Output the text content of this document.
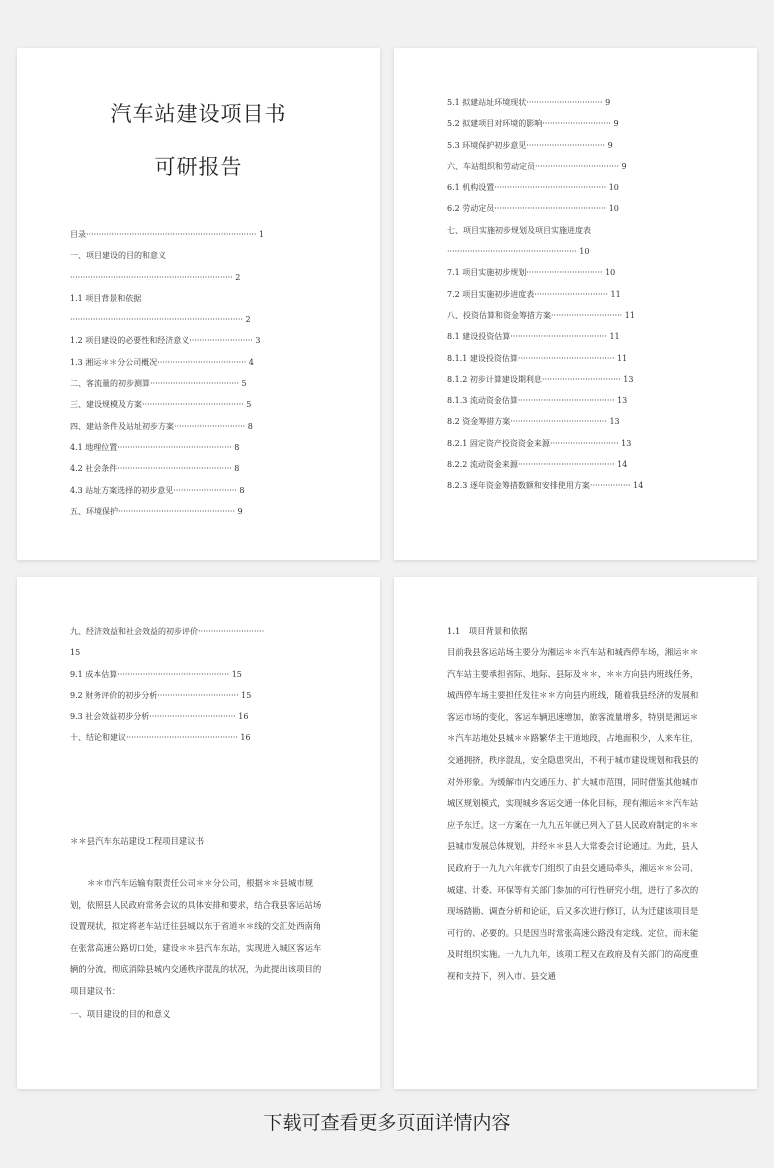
汽车站建设项目书
可研报告
目录··································································· 1
一、项目建设的目的和意义
································································ 2
1.1 项目背景和依据
···································································· 2
1.2 项目建设的必要性和经济意义························· 3
1.3 湘运＊＊分公司概况··································· 4
二、客流量的初步测算··································· 5
三、建设规模及方案········································ 5
四、建站条件及站址初步方案···························· 8
4.1 地理位置············································· 8
4.2 社会条件············································· 8
4.3 站址方案选择的初步意见························· 8
五、环境保护·············································· 9
5.1 拟建站址环境现状······························ 9
5.2 拟建项目对环境的影响··························· 9
5.3 环境保护初步意见······························· 9
六、车站组织和劳动定员································· 9
6.1 机构设置············································ 10
6.2 劳动定员············································ 10
七、项目实施初步规划及项目实施进度表
··················································· 10
7.1 项目实施初步规划······························ 10
7.2 项目实施初步进度表····························· 11
八、投资估算和资金筹措方案···························· 11
8.1 建设投资估算······································ 11
8.1.1 建设投资估算······································ 11
8.1.2 初步计算建设期利息······························· 13
8.1.3 流动资金估算······································ 13
8.2 资金筹措方案······································ 13
8.2.1 固定资产投资资金来源··························· 13
8.2.2 流动资金来源······································ 14
8.2.3 逐年资金筹措数额和安排使用方案················ 14
九、经济效益和社会效益的初步评价··························
15
9.1 成本估算············································ 15
9.2 财务评价的初步分析································ 15
9.3 社会效益初步分析·································· 16
十、结论和建议············································ 16
＊＊县汽车东站建设工程项目建议书
＊＊市汽车运输有限责任公司＊＊分公司，根据＊＊县城市规划，依照县人民政府常务会议的具体安排和要求，结合我县客运站场设置现状，拟定将老车站迁往县城以东于省道＊＊线的交汇处西南角在张常高速公路切口处，建设＊＊县汽车东站，实现进入城区客运车辆的分流，彻底消除县城内交通秩序混乱的状况，为此提出该项目的项目建议书：
一、项目建设的目的和意义
1.1　项目背景和依据
目前我县客运站场主要分为湘运＊＊汽车站和城西停车场，湘运＊＊汽车站主要承担省际、地际、县际及＊＊、＊＊方向县内班线任务，城西停车场主要担任发往＊＊方向县内班线，随着我县经济的发展和客运市场的变化，客运车辆迅速增加，旅客流量增多，特别是湘运＊＊汽车站地处县城＊＊路繁华主干道地段，占地面积少，人来车往，交通拥挤，秩序混乱，安全隐患突出，不利于城市建设规划和我县的对外形象。为缓解市内交通压力、扩大城市范围，同时借鉴其他城市城区规划模式，实现城乡客运交通一体化目标，现有湘运＊＊汽车站应予东迁。这一方案在一九九五年就已列入了县人民政府制定的＊＊县城市发展总体规划，并经＊＊县人大常委会讨论通过。为此，县人民政府于一九九六年就专门组织了由县交通局牵头，湘运＊＊公司、城建、计委、环保等有关部门参加的可行性研究小组，进行了多次的现场踏勘、调查分析和论证，后又多次进行修订，认为迁建该项目是可行的、必要的。只是因当时常张高速公路没有定线、定位，而未能及时组织实施。一九九九年，该项工程又在政府及有关部门的高度重视和支持下，列入市、县交通
下载可查看更多页面详情内容
